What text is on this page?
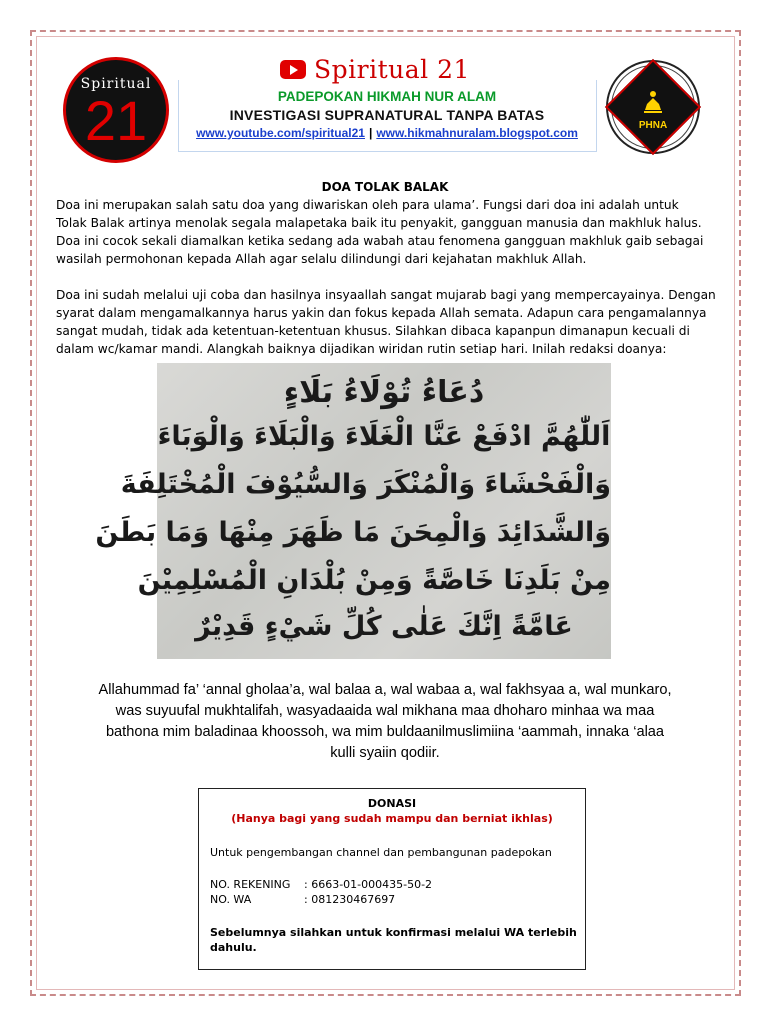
Spiritual
21
Spiritual 21
PADEPOKAN HIKMAH NUR ALAM
INVESTIGASI SUPRANATURAL TANPA BATAS
www.youtube.com/spiritual21 | www.hikmahnuralam.blogspot.com
PHNA
DOA TOLAK BALAK
Doa ini merupakan salah satu doa yang diwariskan oleh para ulama’. Fungsi dari doa ini adalah untuk
Tolak Balak artinya menolak segala malapetaka baik itu penyakit, gangguan manusia dan makhluk halus.
Doa ini cocok sekali diamalkan ketika sedang ada wabah atau fenomena gangguan makhluk gaib sebagai
wasilah permohonan kepada Allah agar selalu dilindungi dari kejahatan makhluk Allah.
Doa ini sudah melalui uji coba dan hasilnya insyaallah sangat mujarab bagi yang mempercayainya. Dengan
syarat dalam mengamalkannya harus yakin dan fokus kepada Allah semata. Adapun cara pengamalannya
sangat mudah, tidak ada ketentuan-ketentuan khusus. Silahkan dibaca kapanpun dimanapun kecuali di
dalam wc/kamar mandi. Alangkah baiknya dijadikan wiridan rutin setiap hari. Inilah redaksi doanya:
دُعَاءُ تُوْلَاءُ بَلَاءٍ
اَللّٰهُمَّ ادْفَعْ عَنَّا الْغَلَاءَ وَالْبَلَاءَ وَالْوَبَاءَ
وَالْفَحْشَاءَ وَالْمُنْكَرَ وَالسُّيُوْفَ الْمُخْتَلِفَةَ
وَالشَّدَائِدَ وَالْمِحَنَ مَا ظَهَرَ مِنْهَا وَمَا بَطَنَ
مِنْ بَلَدِنَا خَاصَّةً وَمِنْ بُلْدَانِ الْمُسْلِمِيْنَ
عَامَّةً اِنَّكَ عَلٰى كُلِّ شَيْءٍ قَدِيْرٌ
Allahummad fa’ ‘annal gholaa’a, wal balaa a, wal wabaa a, wal fakhsyaa a, wal munkaro,
was suyuufal mukhtalifah, wasyadaaida wal mikhana maa dhoharo minhaa wa maa
bathona mim baladinaa khoossoh, wa mim buldaanilmuslimiina ‘aammah, innaka ‘alaa
kulli syaiin qodiir.
DONASI
(Hanya bagi yang sudah mampu dan berniat ikhlas)
Untuk pengembangan channel dan pembangunan padepokan
NO. REKENING : 6663-01-000435-50-2
NO. WA	: 081230467697
Sebelumnya silahkan untuk konfirmasi melalui WA terlebih
dahulu.
